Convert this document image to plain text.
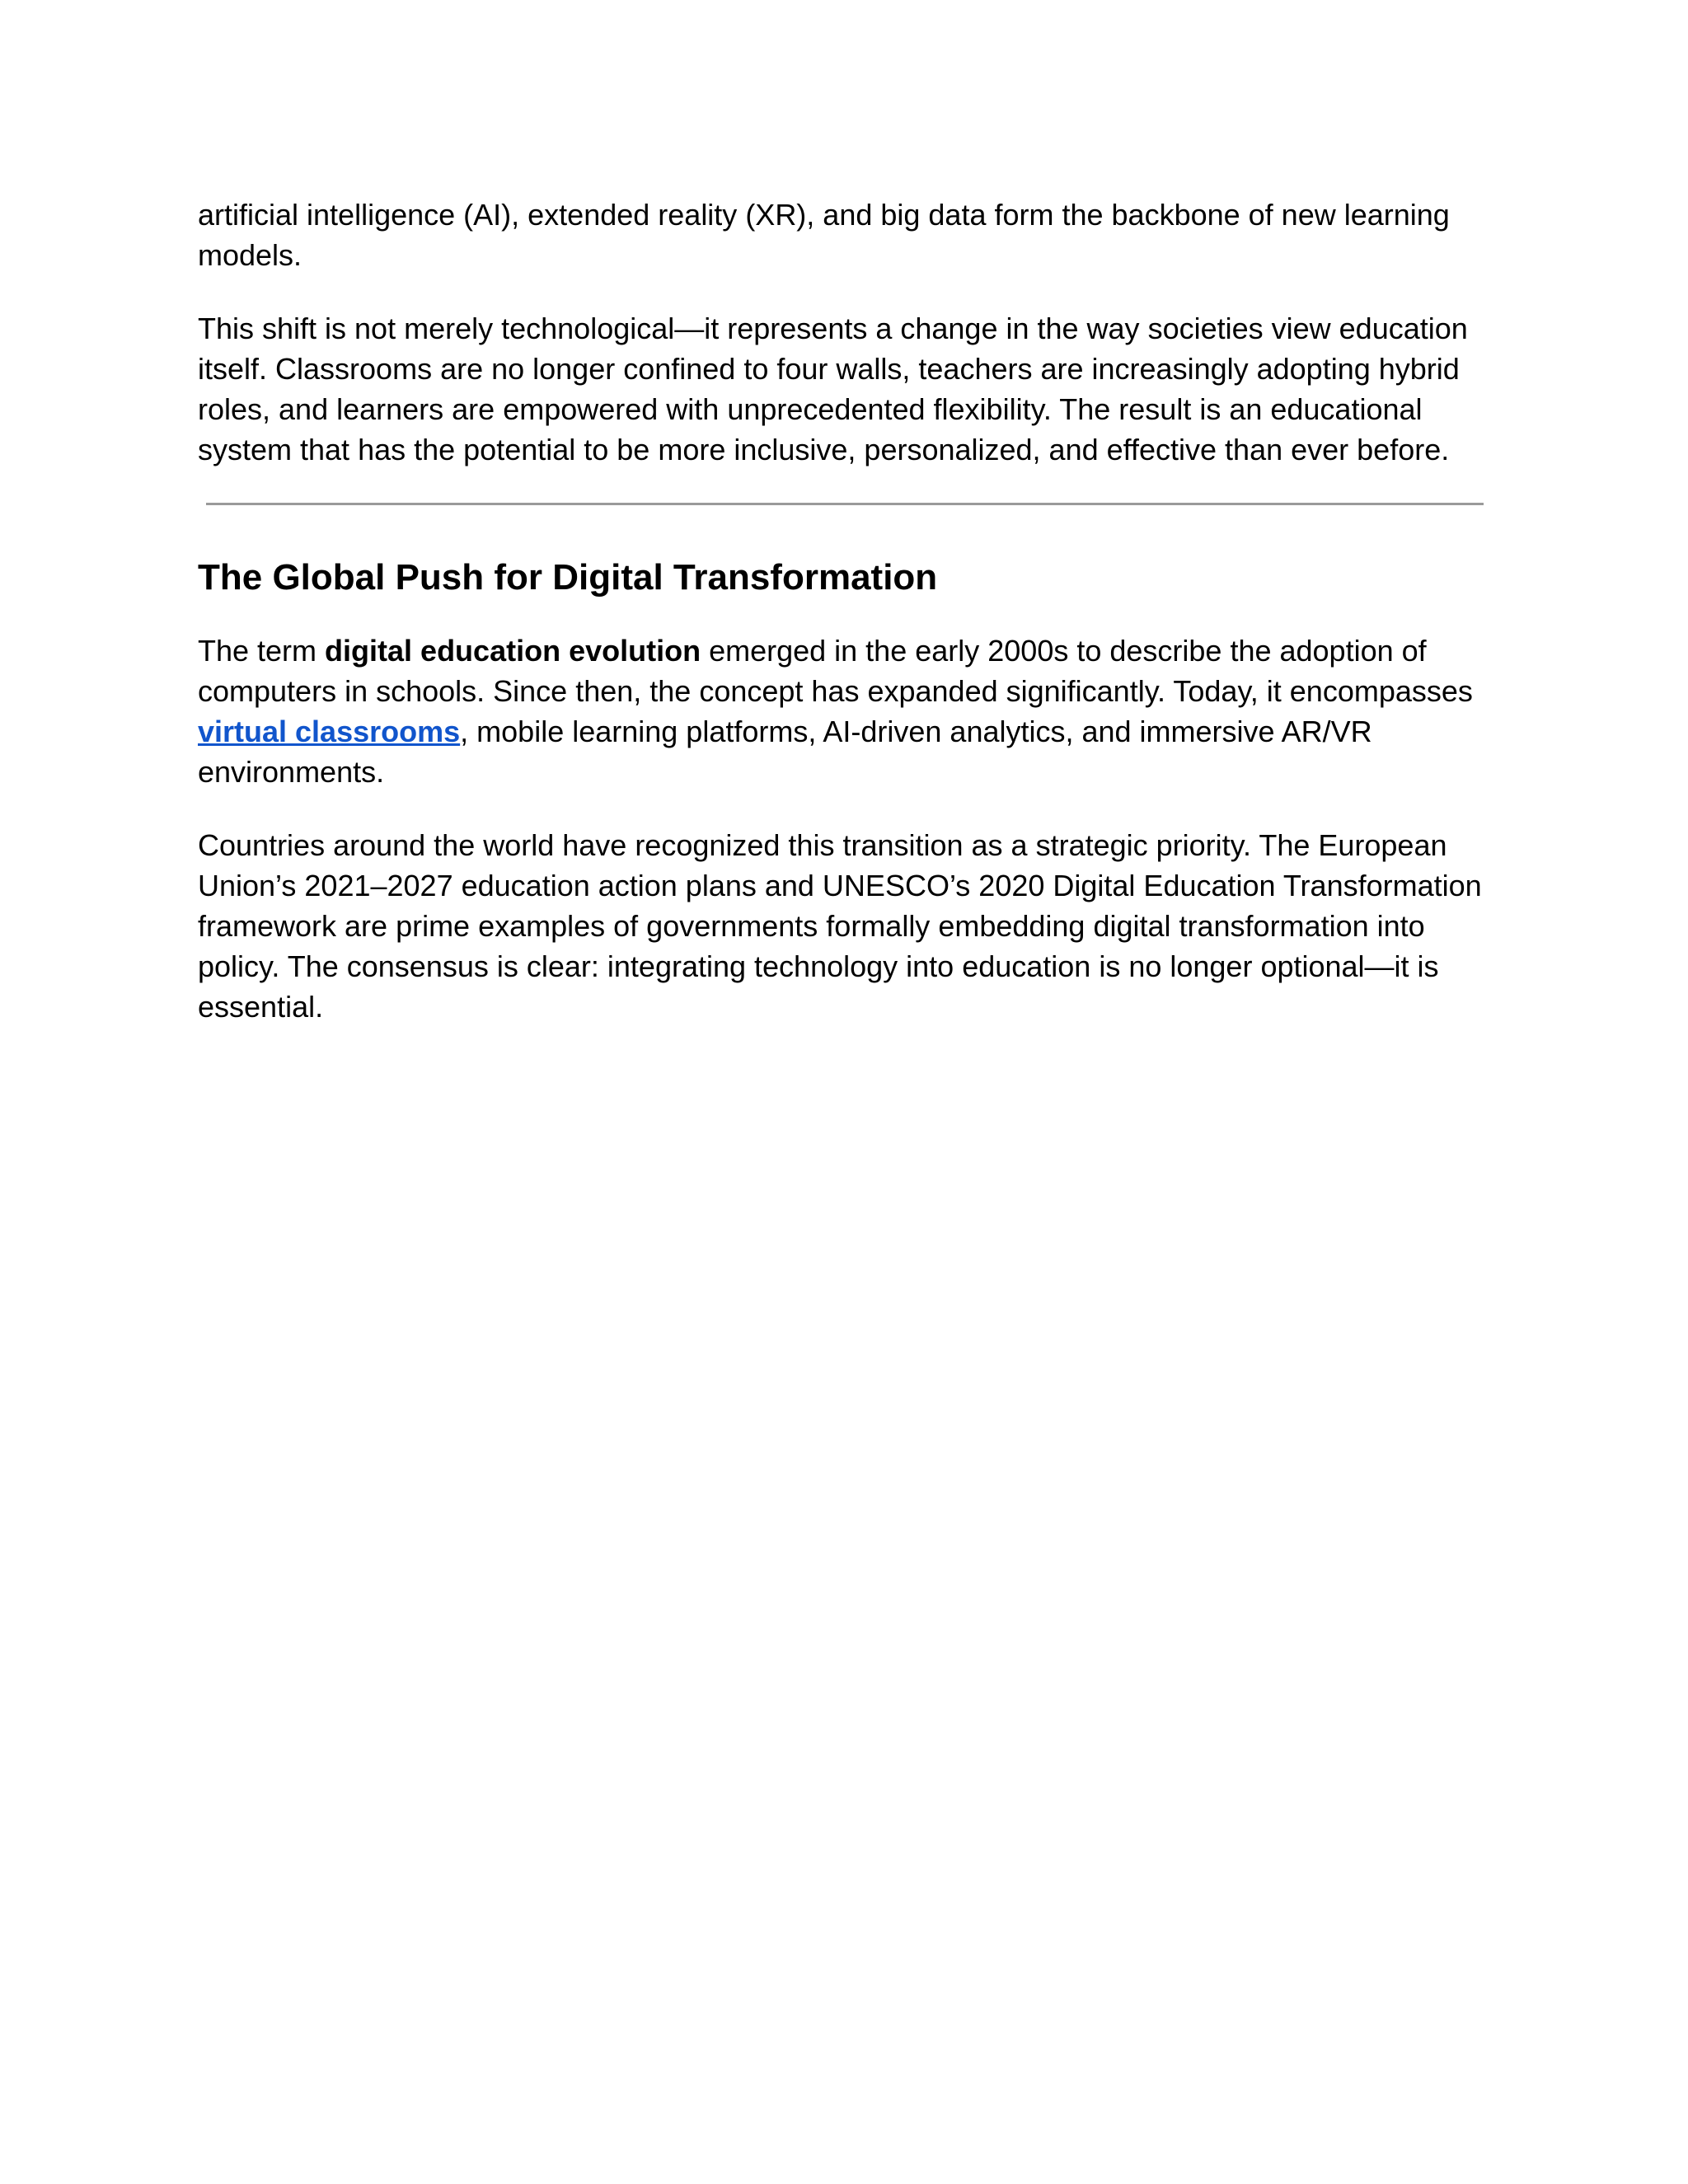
artificial intelligence (AI), extended reality (XR), and big data form the backbone of new learning models.

This shift is not merely technological—it represents a change in the way societies view education itself. Classrooms are no longer confined to four walls, teachers are increasingly adopting hybrid roles, and learners are empowered with unprecedented flexibility. The result is an educational system that has the potential to be more inclusive, personalized, and effective than ever before.

The Global Push for Digital Transformation

The term digital education evolution emerged in the early 2000s to describe the adoption of computers in schools. Since then, the concept has expanded significantly. Today, it encompasses virtual classrooms, mobile learning platforms, AI-driven analytics, and immersive AR/VR environments.

Countries around the world have recognized this transition as a strategic priority. The European Union’s 2021–2027 education action plans and UNESCO’s 2020 Digital Education Transformation framework are prime examples of governments formally embedding digital transformation into policy. The consensus is clear: integrating technology into education is no longer optional—it is essential.
